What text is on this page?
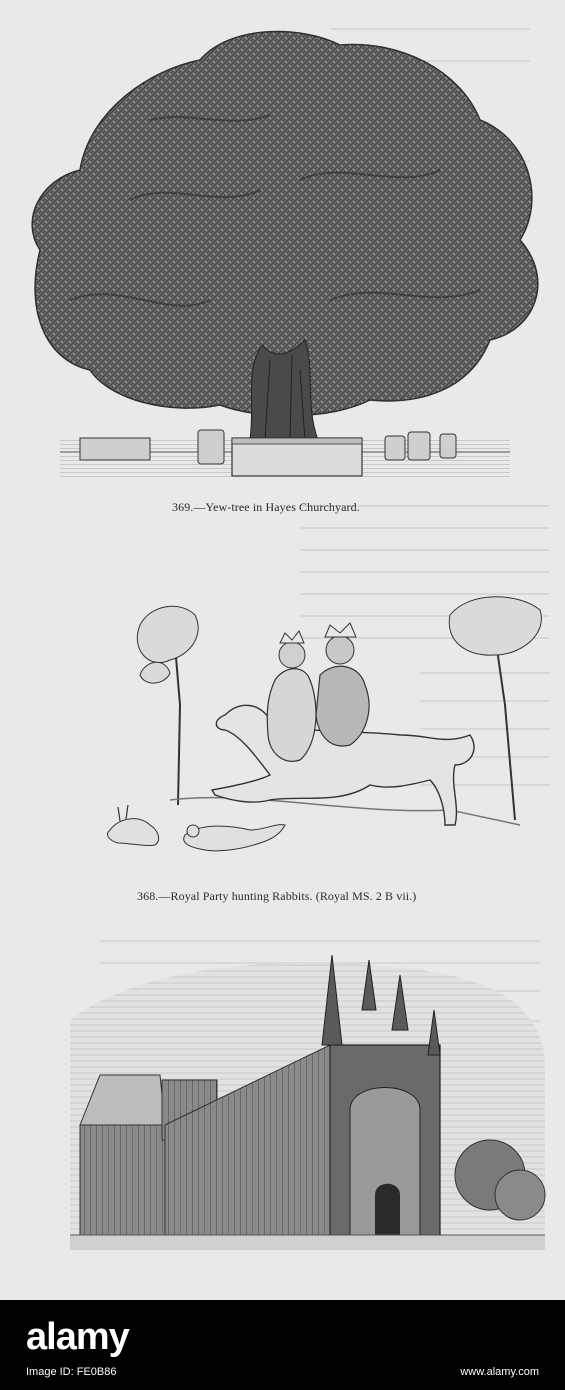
369.—Yew-tree in Hayes Churchyard.
368.—Royal Party hunting Rabbits. (Royal MS. 2 B vii.)
alamy
Image ID: FE0B86	www.alamy.com
